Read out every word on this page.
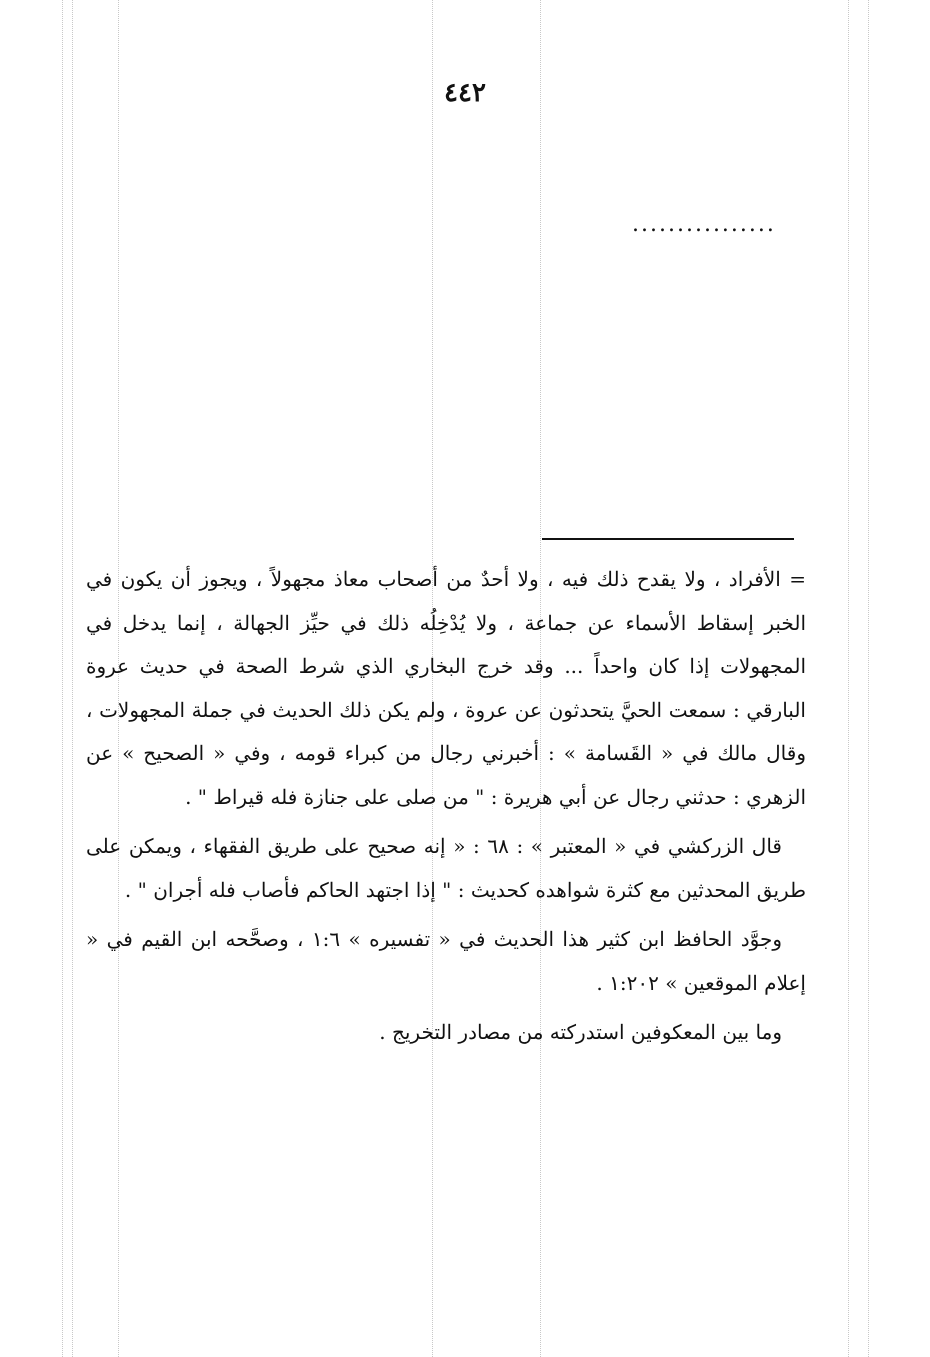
٤٤٢
................

= الأفراد ، ولا يقدح ذلك فيه ، ولا أحدٌ من أصحاب معاذ مجهولاً ، ويجوز أن يكون في الخبر إسقاط الأسماء عن جماعة ، ولا يُدْخِلُه ذلك في حيِّز الجهالة ، إنما يدخل في المجهولات إذا كان واحداً ... وقد خرج البخاري الذي شرط الصحة في حديث عروة البارقي : سمعت الحيَّ يتحدثون عن عروة ، ولم يكن ذلك الحديث في جملة المجهولات ، وقال مالك في « القَسامة » : أخبرني رجال من كبراء قومه ، وفي « الصحيح » عن الزهري : حدثني رجال عن أبي هريرة : " من صلى على جنازة فله قيراط " .

قال الزركشي في « المعتبر » : ٦٨ : « إنه صحيح على طريق الفقهاء ، ويمكن على طريق المحدثين مع كثرة شواهده كحديث : " إذا اجتهد الحاكم فأصاب فله أجران " .

وجوَّد الحافظ ابن كثير هذا الحديث في « تفسيره » ١:٦ ، وصحَّحه ابن القيم في « إعلام الموقعين » ١:٢٠٢ .

وما بين المعكوفين استدركته من مصادر التخريج .
